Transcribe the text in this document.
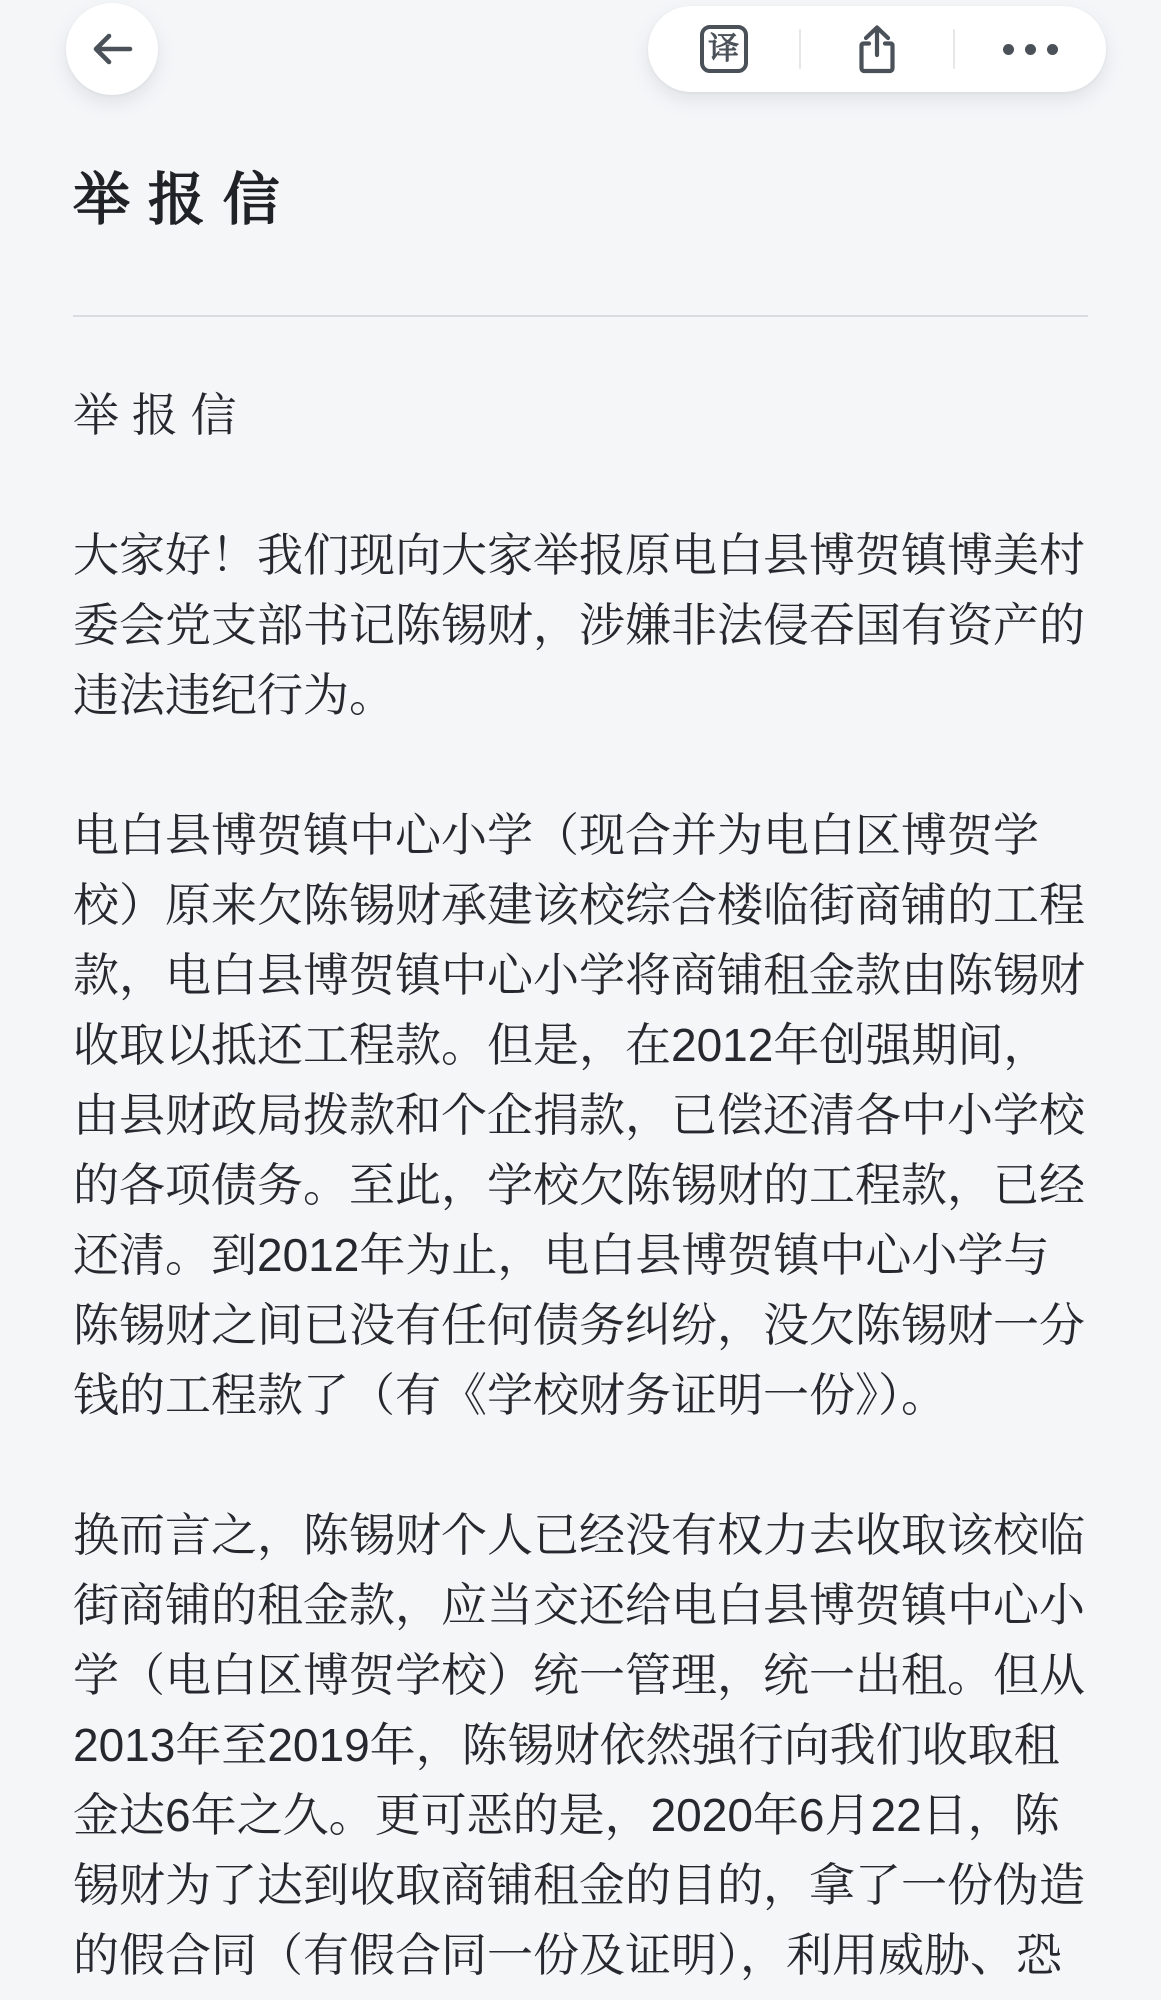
译
举 报 信
举 报 信
大家好！我们现向大家举报原电白县博贺镇博美村
委会党支部书记陈锡财，涉嫌非法侵吞国有资产的
违法违纪行为。
电白县博贺镇中心小学（现合并为电白区博贺学
校）原来欠陈锡财承建该校综合楼临街商铺的工程
款，电白县博贺镇中心小学将商铺租金款由陈锡财
收取以抵还工程款。但是，在2012年创强期间，
由县财政局拨款和个企捐款，已偿还清各中小学校
的各项债务。至此，学校欠陈锡财的工程款，已经
还清。到2012年为止，电白县博贺镇中心小学与
陈锡财之间已没有任何债务纠纷，没欠陈锡财一分
钱的工程款了（有《学校财务证明一份》）。
换而言之，陈锡财个人已经没有权力去收取该校临
街商铺的租金款，应当交还给电白县博贺镇中心小
学（电白区博贺学校）统一管理，统一出租。但从
2013年至2019年，陈锡财依然强行向我们收取租
金达6年之久。更可恶的是，2020年6月22日，陈
锡财为了达到收取商铺租金的目的，拿了一份伪造
的假合同（有假合同一份及证明），利用威胁、恐
